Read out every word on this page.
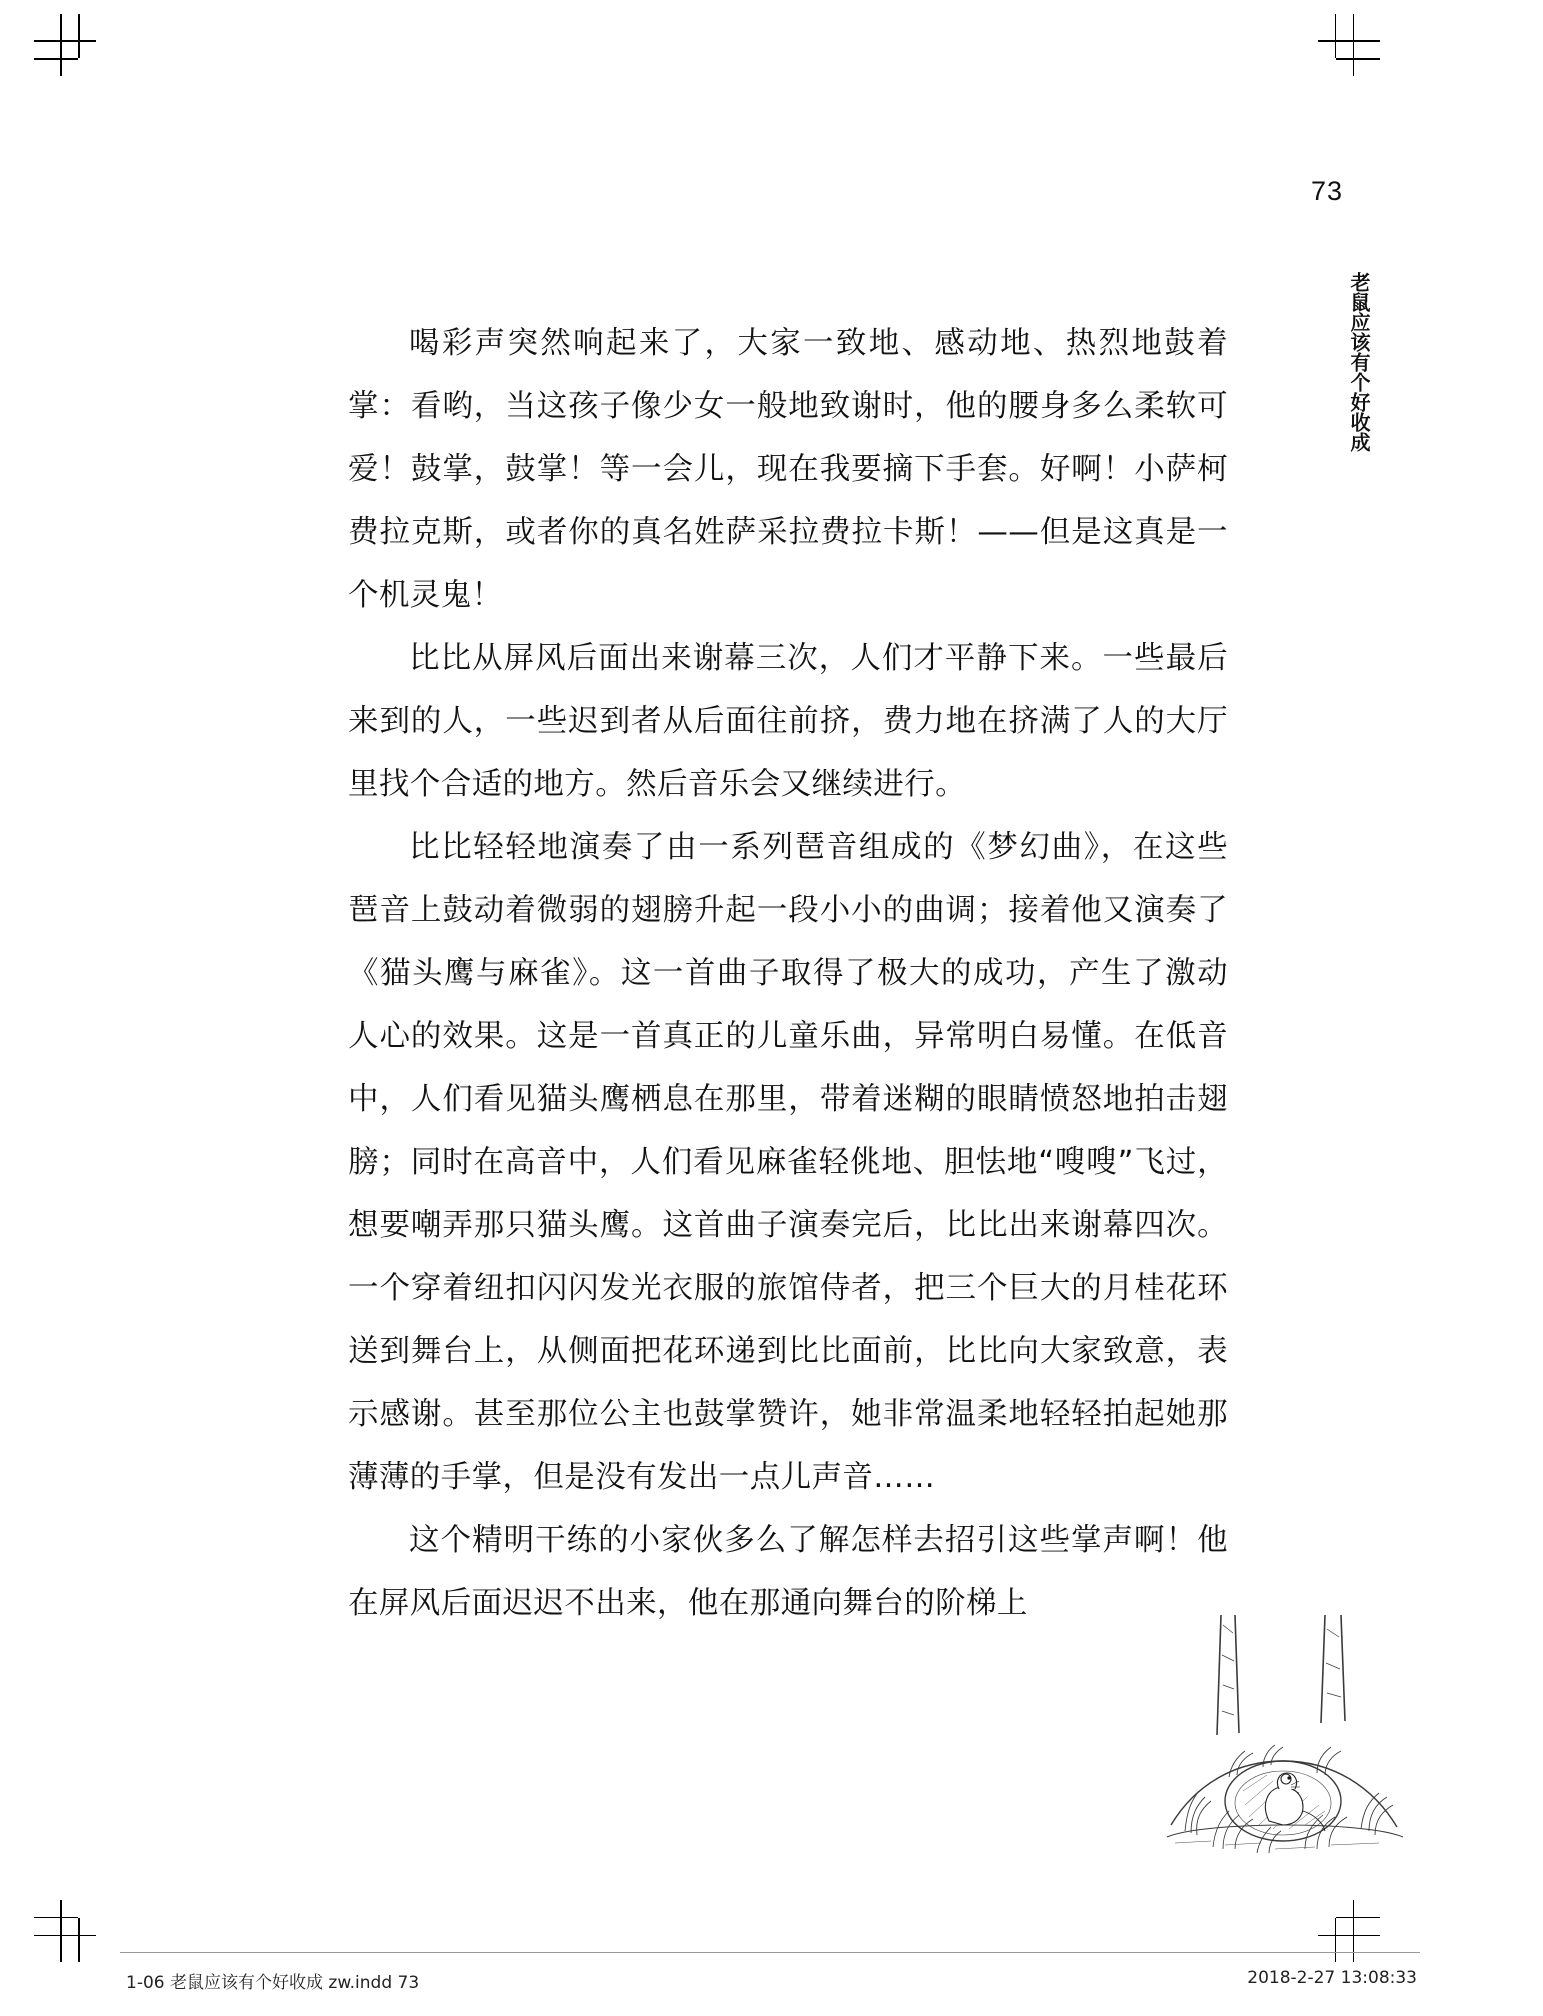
73
老鼠应该有个好收成

喝彩声突然响起来了，大家一致地、感动地、热烈地鼓着掌：看哟，当这孩子像少女一般地致谢时，他的腰身多么柔软可爱！鼓掌，鼓掌！等一会儿，现在我要摘下手套。好啊！小萨柯费拉克斯，或者你的真名姓萨采拉费拉卡斯！——但是这真是一个机灵鬼！

比比从屏风后面出来谢幕三次，人们才平静下来。一些最后来到的人，一些迟到者从后面往前挤，费力地在挤满了人的大厅里找个合适的地方。然后音乐会又继续进行。

比比轻轻地演奏了由一系列琶音组成的《梦幻曲》，在这些琶音上鼓动着微弱的翅膀升起一段小小的曲调；接着他又演奏了《猫头鹰与麻雀》。这一首曲子取得了极大的成功，产生了激动人心的效果。这是一首真正的儿童乐曲，异常明白易懂。在低音中，人们看见猫头鹰栖息在那里，带着迷糊的眼睛愤怒地拍击翅膀；同时在高音中，人们看见麻雀轻佻地、胆怯地“嗖嗖”飞过，想要嘲弄那只猫头鹰。这首曲子演奏完后，比比出来谢幕四次。一个穿着纽扣闪闪发光衣服的旅馆侍者，把三个巨大的月桂花环送到舞台上，从侧面把花环递到比比面前，比比向大家致意，表示感谢。甚至那位公主也鼓掌赞许，她非常温柔地轻轻拍起她那薄薄的手掌，但是没有发出一点儿声音……

这个精明干练的小家伙多么了解怎样去招引这些掌声啊！他在屏风后面迟迟不出来，他在那通向舞台的阶梯上

1-06 老鼠应该有个好收成 zw.indd 73	2018-2-27 13:08:33
